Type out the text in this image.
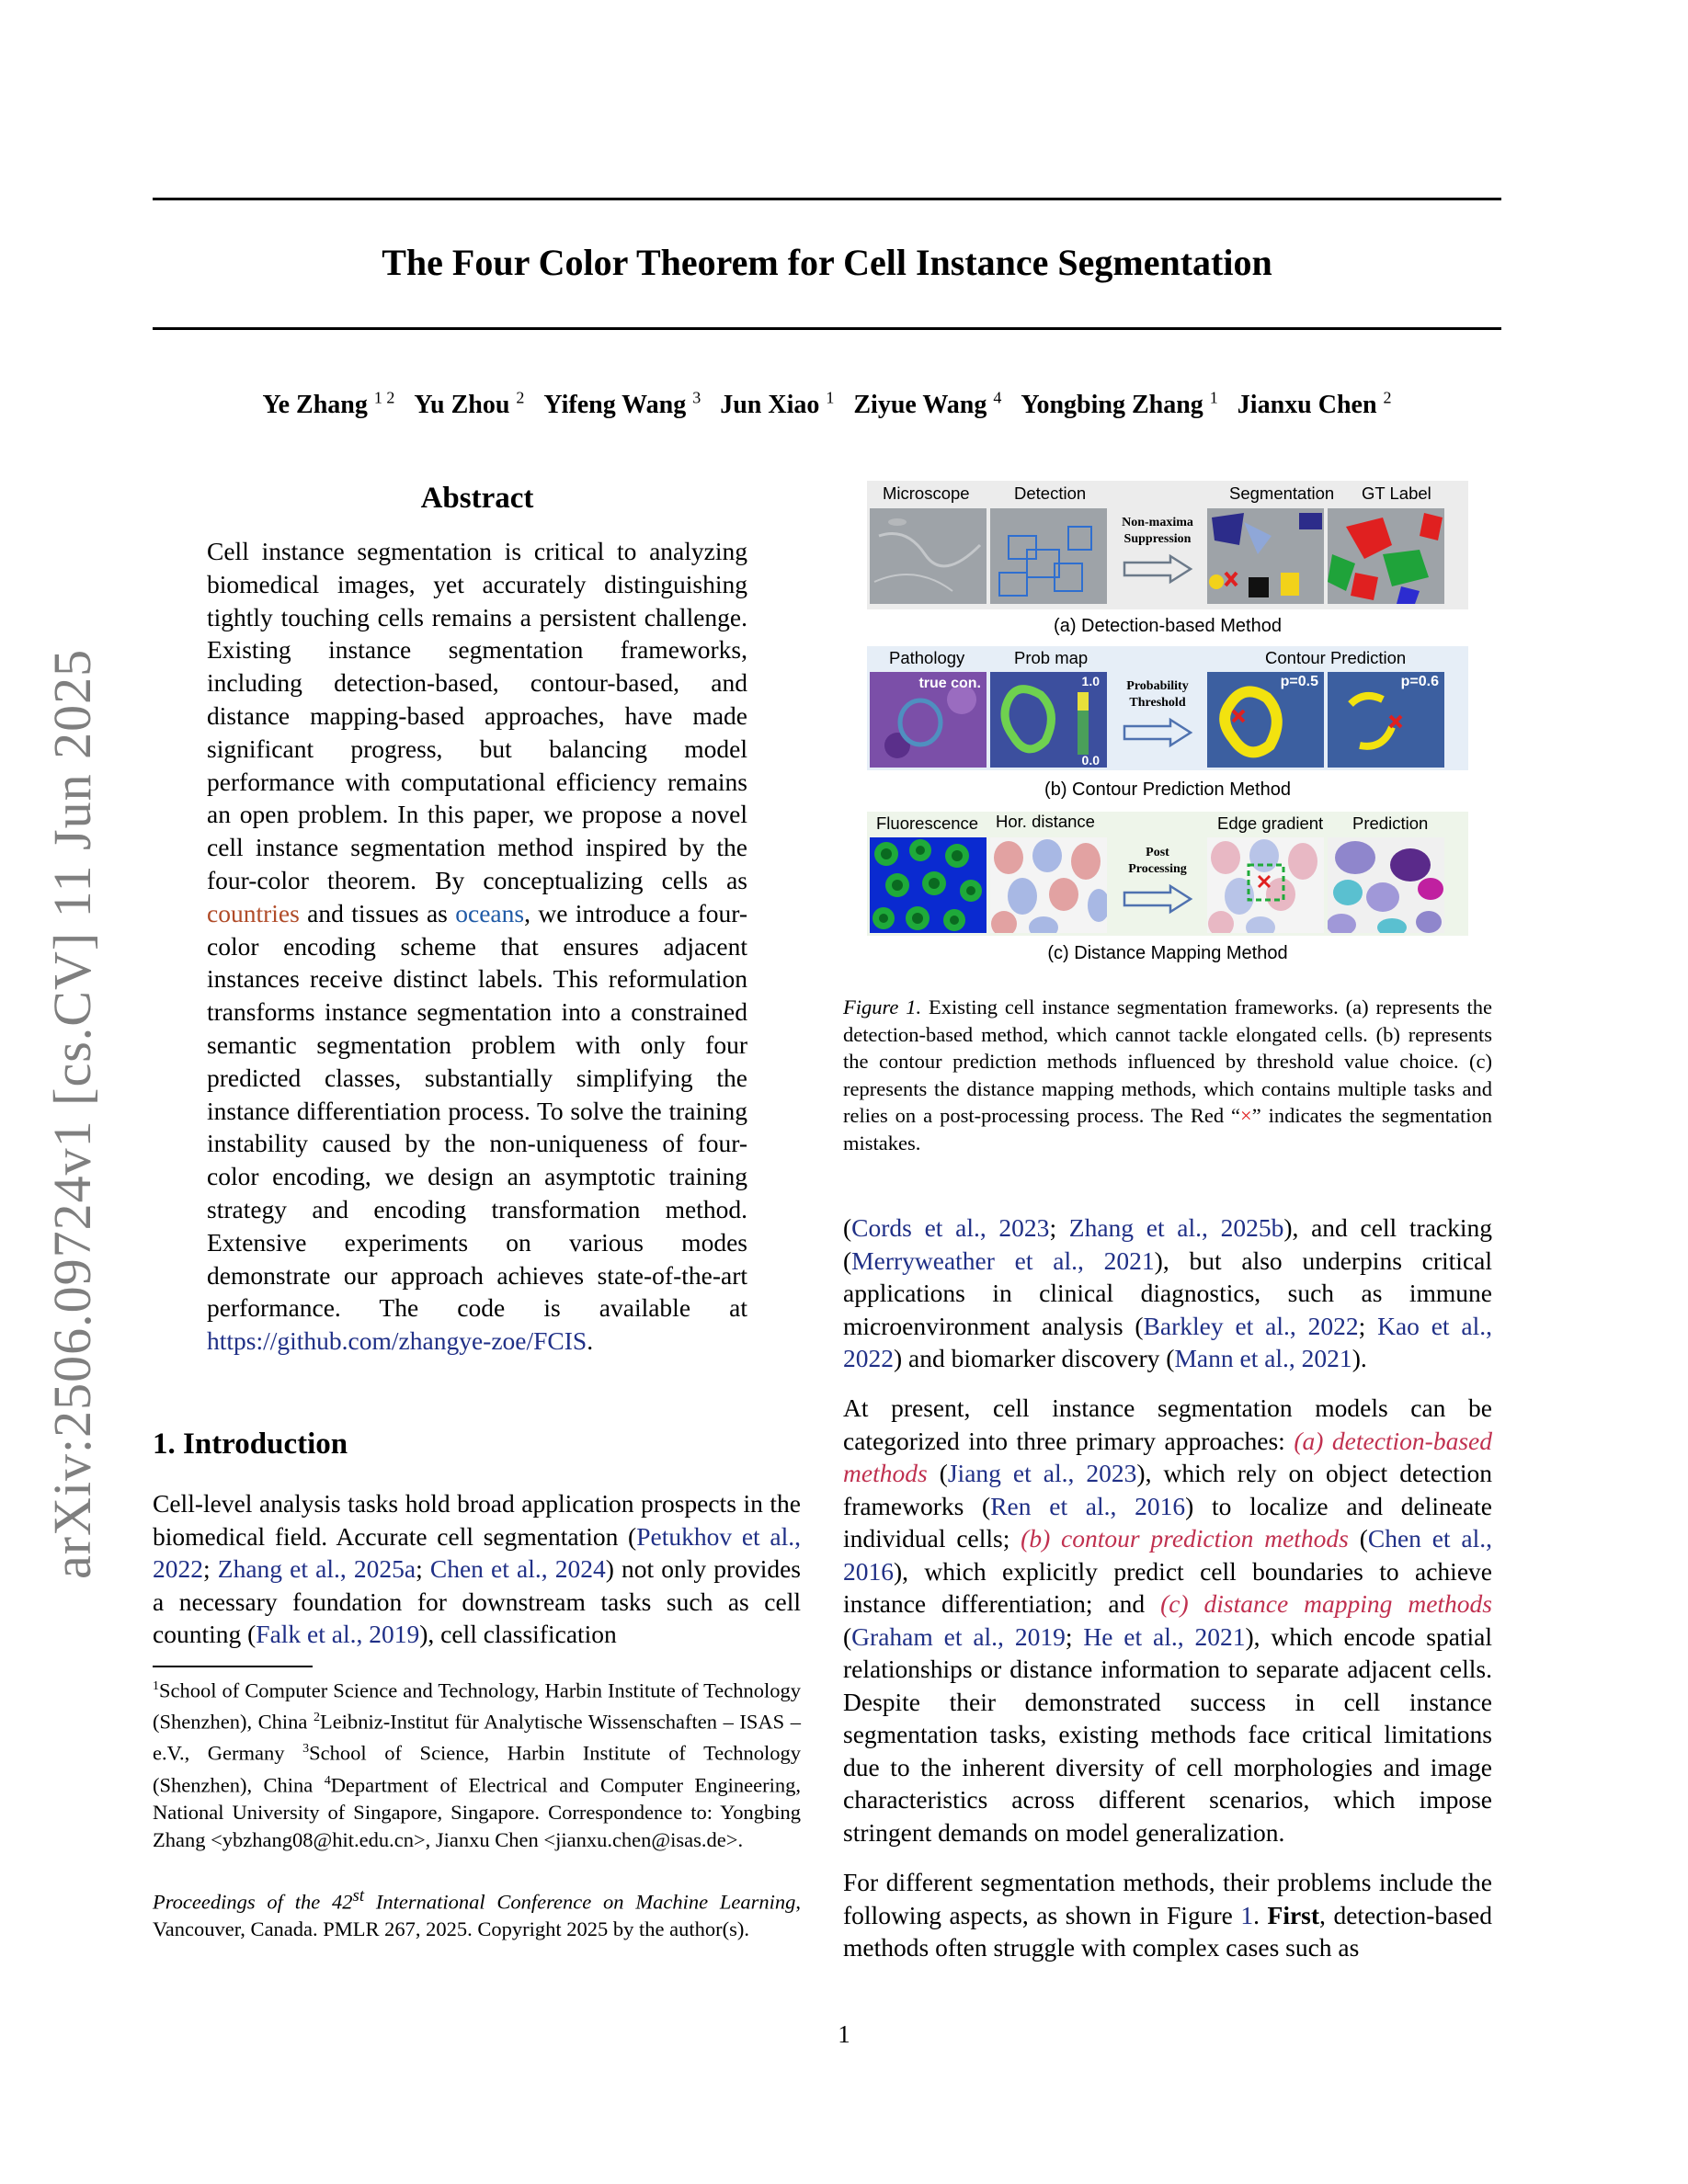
arXiv:2506.09724v1 [cs.CV] 11 Jun 2025
The Four Color Theorem for Cell Instance Segmentation
Ye Zhang $^{1 2}$ Yu Zhou $^2$ Yifeng Wang $^3$ Jun Xiao $^1$ Ziyue Wang $^4$ Yongbing Zhang $^1$ Jianxu Chen $^2$
Abstract
Cell instance segmentation is critical to analyzing biomedical images, yet accurately distinguishing tightly touching cells remains a persistent challenge. Existing instance segmentation frameworks, including detection-based, contour-based, and distance mapping-based approaches, have made significant progress, but balancing model performance with computational efficiency remains an open problem. In this paper, we propose a novel cell instance segmentation method inspired by the four-color theorem. By conceptualizing cells as countries and tissues as oceans, we introduce a four-color encoding scheme that ensures adjacent instances receive distinct labels. This reformulation transforms instance segmentation into a constrained semantic segmentation problem with only four predicted classes, substantially simplifying the instance differentiation process. To solve the training instability caused by the non-uniqueness of four-color encoding, we design an asymptotic training strategy and encoding transformation method. Extensive experiments on various modes demonstrate our approach achieves state-of-the-art performance. The code is available at https://github.com/zhangye-zoe/FCIS.
1. Introduction
Cell-level analysis tasks hold broad application prospects in the biomedical field. Accurate cell segmentation (Petukhov et al., 2022; Zhang et al., 2025a; Chen et al., 2024) not only provides a necessary foundation for downstream tasks such as cell counting (Falk et al., 2019), cell classification
$^1$School of Computer Science and Technology, Harbin Institute of Technology (Shenzhen), China $^2$Leibniz-Institut für Analytische Wissenschaften – ISAS – e.V., Germany $^3$School of Science, Harbin Institute of Technology (Shenzhen), China $^4$Department of Electrical and Computer Engineering, National University of Singapore, Singapore. Correspondence to: Yongbing Zhang <ybzhang08@hit.edu.cn>, Jianxu Chen <jianxu.chen@isas.de>.
Proceedings of the 42st International Conference on Machine Learning, Vancouver, Canada. PMLR 267, 2025. Copyright 2025 by the author(s).
Microscope	Detection	Segmentation GT Label
Non-maxima
Suppression
(a) Detection-based Method
Pathology	Prob map	Contour Prediction
true con.	1.0
0.0
Probability
Threshold
p=0.5	p=0.6
(b) Contour Prediction Method
Fluorescence Hor. distance	Edge gradient Prediction
Post
Processing
(c) Distance Mapping Method
Figure 1. Existing cell instance segmentation frameworks. (a) represents the detection-based method, which cannot tackle elongated cells. (b) represents the contour prediction methods influenced by threshold value choice. (c) represents the distance mapping methods, which contains multiple tasks and relies on a post-processing process. The Red “×” indicates the segmentation mistakes.
(Cords et al., 2023; Zhang et al., 2025b), and cell tracking (Merryweather et al., 2021), but also underpins critical applications in clinical diagnostics, such as immune microenvironment analysis (Barkley et al., 2022; Kao et al., 2022) and biomarker discovery (Mann et al., 2021).
At present, cell instance segmentation models can be categorized into three primary approaches: (a) detection-based methods (Jiang et al., 2023), which rely on object detection frameworks (Ren et al., 2016) to localize and delineate individual cells; (b) contour prediction methods (Chen et al., 2016), which explicitly predict cell boundaries to achieve instance differentiation; and (c) distance mapping methods (Graham et al., 2019; He et al., 2021), which encode spatial relationships or distance information to separate adjacent cells. Despite their demonstrated success in cell instance segmentation tasks, existing methods face critical limitations due to the inherent diversity of cell morphologies and image characteristics across different scenarios, which impose stringent demands on model generalization.
For different segmentation methods, their problems include the following aspects, as shown in Figure 1. First, detection-based methods often struggle with complex cases such as
1
